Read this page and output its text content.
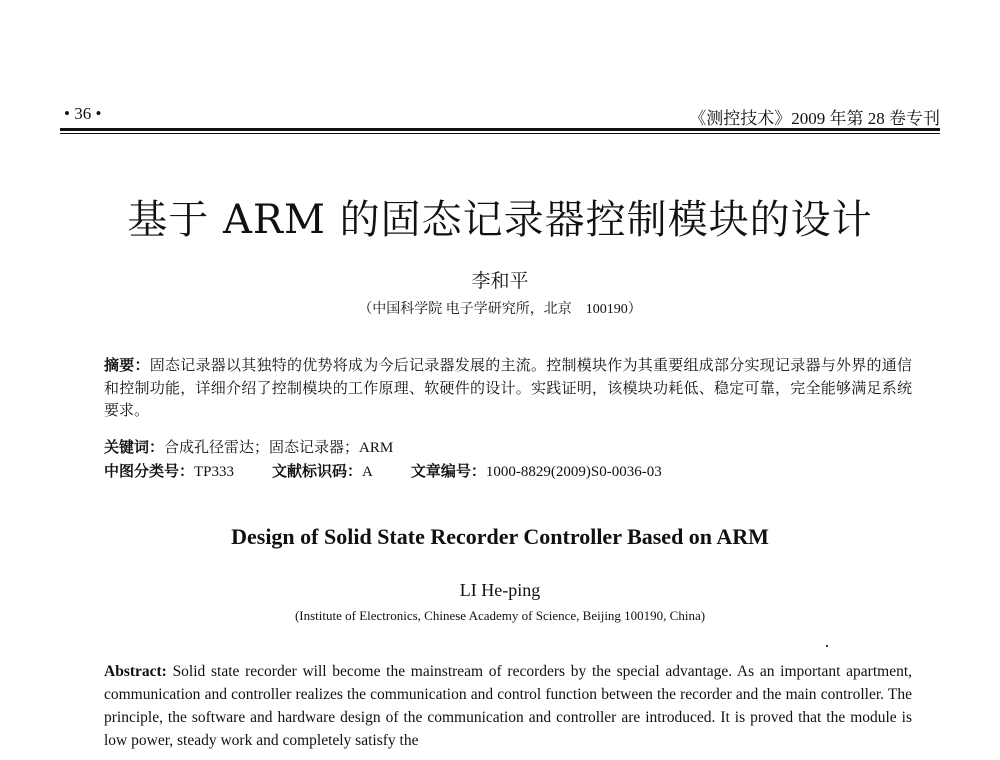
• 36 •	《测控技术》2009 年第 28 卷专刊
基于 ARM 的固态记录器控制模块的设计
李和平
（中国科学院 电子学研究所，北京　100190）
摘要：固态记录器以其独特的优势将成为今后记录器发展的主流。控制模块作为其重要组成部分实现记录器与外界的通信和控制功能，详细介绍了控制模块的工作原理、软硬件的设计。实践证明，该模块功耗低、稳定可靠，完全能够满足系统要求。
关键词：合成孔径雷达；固态记录器；ARM
中图分类号：TP333	文献标识码：A	文章编号：1000-8829(2009)S0-0036-03
Design of Solid State Recorder Controller Based on ARM
LI He-ping
(Institute of Electronics, Chinese Academy of Science, Beijing 100190, China)
Abstract: Solid state recorder will become the mainstream of recorders by the special advantage. As an important apartment, communication and controller realizes the communication and control function between the recorder and the main controller. The principle, the software and hardware design of the communication and controller are introduced. It is proved that the module is low power, steady work and completely satisfy the
